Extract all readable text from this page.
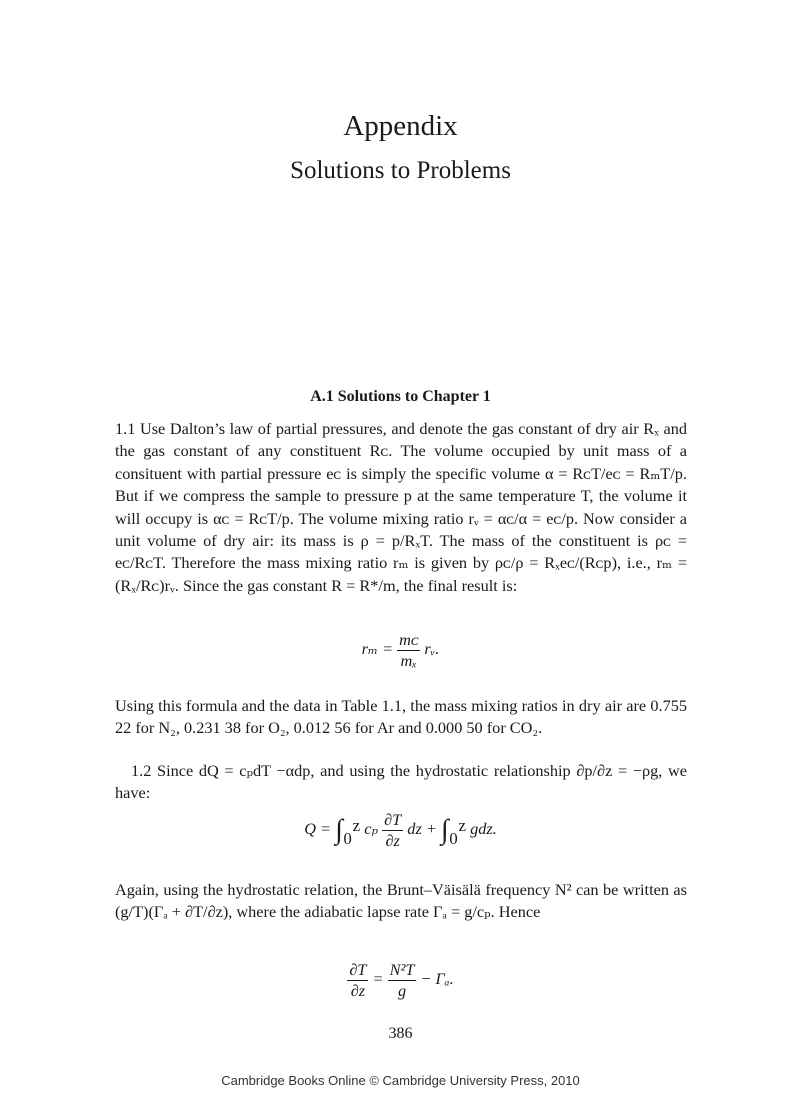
Appendix
Solutions to Problems
A.1 Solutions to Chapter 1
1.1 Use Dalton’s law of partial pressures, and denote the gas constant of dry air Rₓ and the gas constant of any constituent Rᴄ. The volume occupied by unit mass of a consituent with partial pressure eᴄ is simply the specific volume α = RᴄT/eᴄ = RₘT/p. But if we compress the sample to pressure p at the same temperature T, the volume it will occupy is αᴄ = RᴄT/p. The volume mixing ratio rᵥ = αᴄ/α = eᴄ/p. Now consider a unit volume of dry air: its mass is ρ = p/RₓT. The mass of the constituent is ρᴄ = eᴄ/RᴄT. Therefore the mass mixing ratio rₘ is given by ρᴄ/ρ = Rₓeᴄ/(Rᴄp), i.e., rₘ = (Rₓ/Rᴄ)rᵥ. Since the gas constant R = R*/m, the final result is:
$r_m = \frac{\text{mᴄ}}{\text{mₓ}}$ rᵥ.
Using this formula and the data in Table 1.1, the mass mixing ratios in dry air are 0.755 22 for N₂, 0.231 38 for O₂, 0.012 56 for Ar and 0.000 50 for CO₂.
1.2 Since dQ = cₚdT −αdp, and using the hydrostatic relationship ∂p/∂z = −ρg, we have:
Q = ∫₀ᶻ cₚ $\frac{\partial T}{\partial z}$ dz + ∫₀ᶻ gdz.
Again, using the hydrostatic relation, the Brunt–Väisälä frequency N² can be written as (g/T)(Γₐ + ∂T/∂z), where the adiabatic lapse rate Γₐ = g/cₚ. Hence
$\frac{\partial T}{\partial z} = \frac{\text{N²T}}{g} - \Gamma_a$.
386
Cambridge Books Online © Cambridge University Press, 2010
